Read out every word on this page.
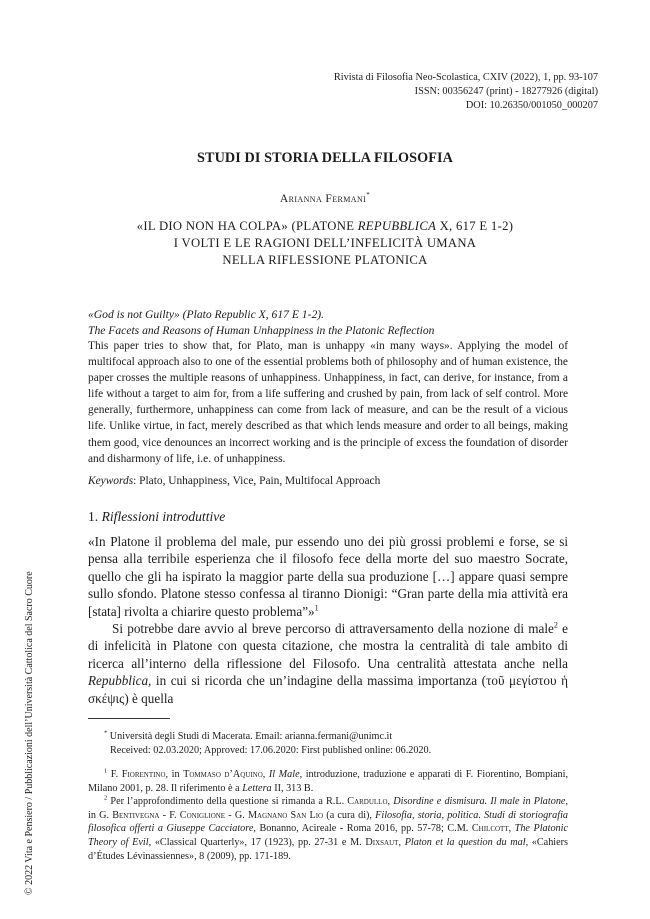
Rivista di Filosofia Neo-Scolastica, CXIV (2022), 1, pp. 93-107
ISSN: 00356247 (print) - 18277926 (digital)
DOI: 10.26350/001050_000207
STUDI DI STORIA DELLA FILOSOFIA
Arianna Fermani*
«IL DIO NON HA COLPA» (PLATONE REPUBBLICA X, 617 E 1-2)
I VOLTI E LE RAGIONI DELL’INFELICITÀ UMANA
NELLA RIFLESSIONE PLATONICA
«God is not Guilty» (Plato Republic X, 617 E 1-2).
The Facets and Reasons of Human Unhappiness in the Platonic Reflection
This paper tries to show that, for Plato, man is unhappy «in many ways». Applying the model of multifocal approach also to one of the essential problems both of philosophy and of human existence, the paper crosses the multiple reasons of unhappiness. Unhappiness, in fact, can derive, for instance, from a life without a target to aim for, from a life suffering and crushed by pain, from lack of self control. More generally, furthermore, unhappiness can come from lack of measure, and can be the result of a vicious life. Unlike virtue, in fact, merely described as that which lends measure and order to all beings, making them good, vice denounces an incorrect working and is the principle of excess the foundation of disorder and disharmony of life, i.e. of unhappiness.
Keywords: Plato, Unhappiness, Vice, Pain, Multifocal Approach
1. Riflessioni introduttive

«In Platone il problema del male, pur essendo uno dei più grossi problemi e forse, se si pensa alla terribile esperienza che il filosofo fece della morte del suo maestro Socrate, quello che gli ha ispirato la maggior parte della sua produzione […] appare quasi sempre sullo sfondo. Platone stesso confessa al tiranno Dionigi: “Gran parte della mia attività era [stata] rivolta a chiarire questo problema”»$^1$

Si potrebbe dare avvio al breve percorso di attraversamento della nozione di male$^2$ e di infelicità in Platone con questa citazione, che mostra la centralità di tale ambito di ricerca all’interno della riflessione del Filosofo. Una centralità attestata anche nella Repubblica, in cui si ricorda che un’indagine della massima importanza (τοῦ μεγίστου ἡ σκέψις) è quella

* Università degli Studi di Macerata. Email: arianna.fermani@unimc.it
Received: 02.03.2020; Approved: 17.06.2020: First published online: 06.2020.

$^1$ F. Fiorentino, in Tommaso d’Aquino, Il Male, introduzione, traduzione e apparati di F. Fiorentino, Bompiani, Milano 2001, p. 28. Il riferimento è a Lettera II, 313 B.

$^2$ Per l’approfondimento della questione si rimanda a R.L. Cardullo, Disordine e dismisura. Il male in Platone, in G. Bentivegna - F. Coniglione - G. Magnano San Lio (a cura di), Filosofia, storia, politica. Studi di storiografia filosofica offerti a Giuseppe Cacciatore, Bonanno, Acireale - Roma 2016, pp. 57-78; C.M. Chilcott, The Platonic Theory of Evil, «Classical Quarterly», 17 (1923), pp. 27-31 e M. Dixsaut, Platon et la question du mal, «Cahiers d’Études Lévinassiennes», 8 (2009), pp. 171-189.

© 2022 Vita e Pensiero / Pubblicazioni dell’Università Cattolica del Sacro Cuore
